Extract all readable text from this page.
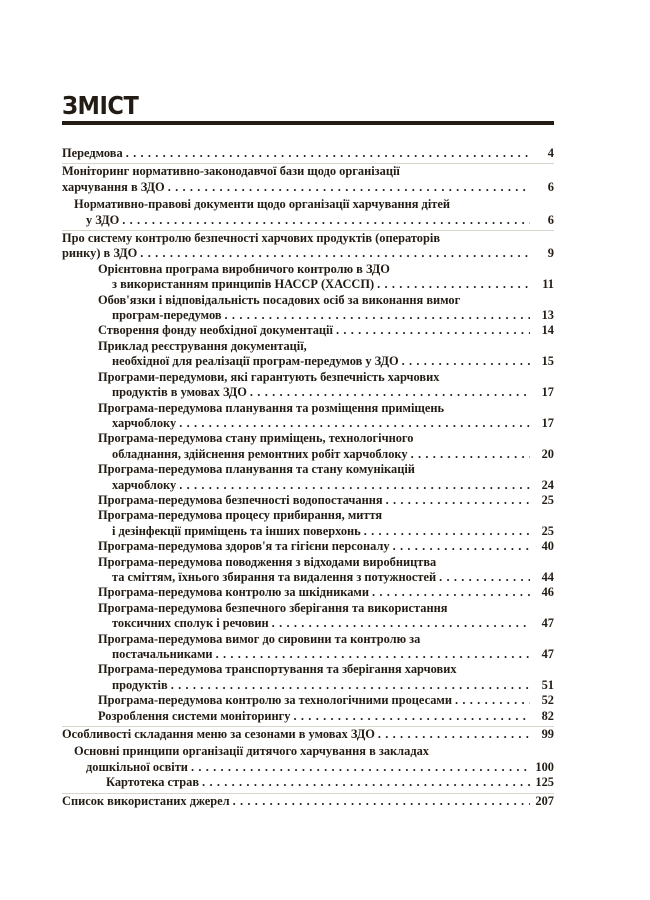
ЗМІСТ
Передмова . . .	4
Моніторинг нормативно-законодавчої бази щодо організації
харчування в ЗДО . . .	6
Нормативно-правові документи щодо організації харчування дітей
у ЗДО . . .	6
Про систему контролю безпечності харчових продуктів (операторів
ринку) в ЗДО . . .	9
Орієнтовна програма виробничого контролю в ЗДО
з використанням принципів НАССР (ХАССП) . . .	11
Обов'язки і відповідальність посадових осіб за виконання вимог
програм-передумов . . .	13
Створення фонду необхідної документації . . .	14
Приклад реєстрування документації,
необхідної для реалізації програм-передумов у ЗДО . . .	15
Програми-передумови, які гарантують безпечність харчових
продуктів в умовах ЗДО . . .	17
Програма-передумова планування та розміщення приміщень
харчоблоку . . .	17
Програма-передумова стану приміщень, технологічного
обладнання, здійснення ремонтних робіт харчоблоку . . .	20
Програма-передумова планування та стану комунікацій
харчоблоку . . .	24
Програма-передумова безпечності водопостачання . . .	25
Програма-передумова процесу прибирання, миття
і дезінфекції приміщень та інших поверхонь . . .	25
Програма-передумова здоров'я та гігієни персоналу . . .	40
Програма-передумова поводження з відходами виробництва
та сміттям, їхнього збирання та видалення з потужностей . . .	44
Програма-передумова контролю за шкідниками . . .	46
Програма-передумова безпечного зберігання та використання
токсичних сполук і речовин . . .	47
Програма-передумова вимог до сировини та контролю за
постачальниками . . .	47
Програма-передумова транспортування та зберігання харчових
продуктів . . .	51
Програма-передумова контролю за технологічними процесами . . .	52
Розроблення системи моніторингу . . .	82
Особливості складання меню за сезонами в умовах ЗДО . . .	99
Основні принципи організації дитячого харчування в закладах
дошкільної освіти . . .	100
Картотека страв . . .	125
Список використаних джерел . . .	207
